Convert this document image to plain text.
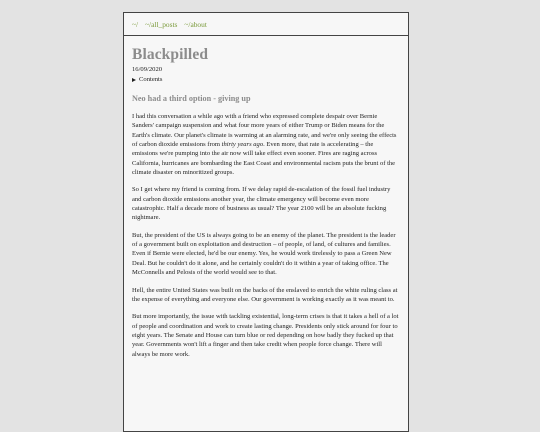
~/ ~/all_posts ~/about
Blackpilled
16/09/2020
Contents
Neo had a third option - giving up

I had this conversation a while ago with a friend who expressed complete despair over Bernie Sanders' campaign suspension and what four more years of either Trump or Biden means for the Earth's climate. Our planet's climate is warming at an alarming rate, and we're only seeing the effects of carbon dioxide emissions from thirty years ago. Even more, that rate is accelerating – the emissions we're pumping into the air now will take effect even sooner. Fires are raging across California, hurricanes are bombarding the East Coast and environmental racism puts the brunt of the climate disaster on minoritized groups.

So I get where my friend is coming from. If we delay rapid de-escalation of the fossil fuel industry and carbon dioxide emissions another year, the climate emergency will become even more catastrophic. Half a decade more of business as usual? The year 2100 will be an absolute fucking nightmare.

But, the president of the US is always going to be an enemy of the planet. The president is the leader of a government built on exploitation and destruction – of people, of land, of cultures and families. Even if Bernie were elected, he'd be our enemy. Yes, he would work tirelessly to pass a Green New Deal. But he couldn't do it alone, and he certainly couldn't do it within a year of taking office. The McConnells and Pelosis of the world would see to that.

Hell, the entire United States was built on the backs of the enslaved to enrich the white ruling class at the expense of everything and everyone else. Our government is working exactly as it was meant to.

But more importantly, the issue with tackling existential, long-term crises is that it takes a hell of a lot of people and coordination and work to create lasting change. Presidents only stick around for four to eight years. The Senate and House can turn blue or red depending on how badly they fucked up that year. Governments won't lift a finger and then take credit when people force change. There will always be more work.
